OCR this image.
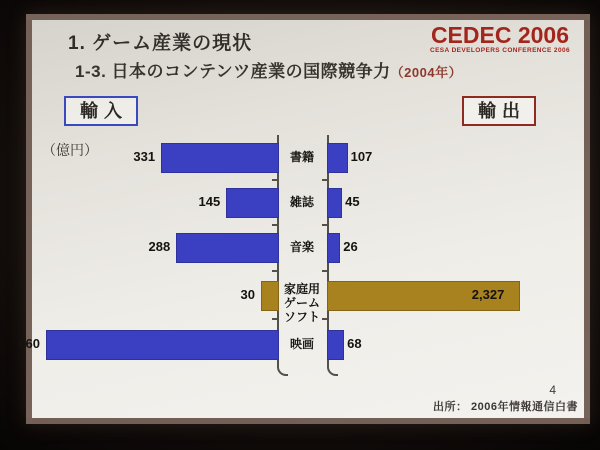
1. ゲーム産業の現状
1-3. 日本のコンテンツ産業の国際競争力（2004年）
CEDEC 2006
CESA DEVELOPERS CONFERENCE 2006
輸入	輸出
（億円）	331	107
書籍
145	45
雑誌
288	26
音楽
30	2,327
家庭用
ゲーム
ソフト
660	68
映画
4
出所： 2006年情報通信白書
